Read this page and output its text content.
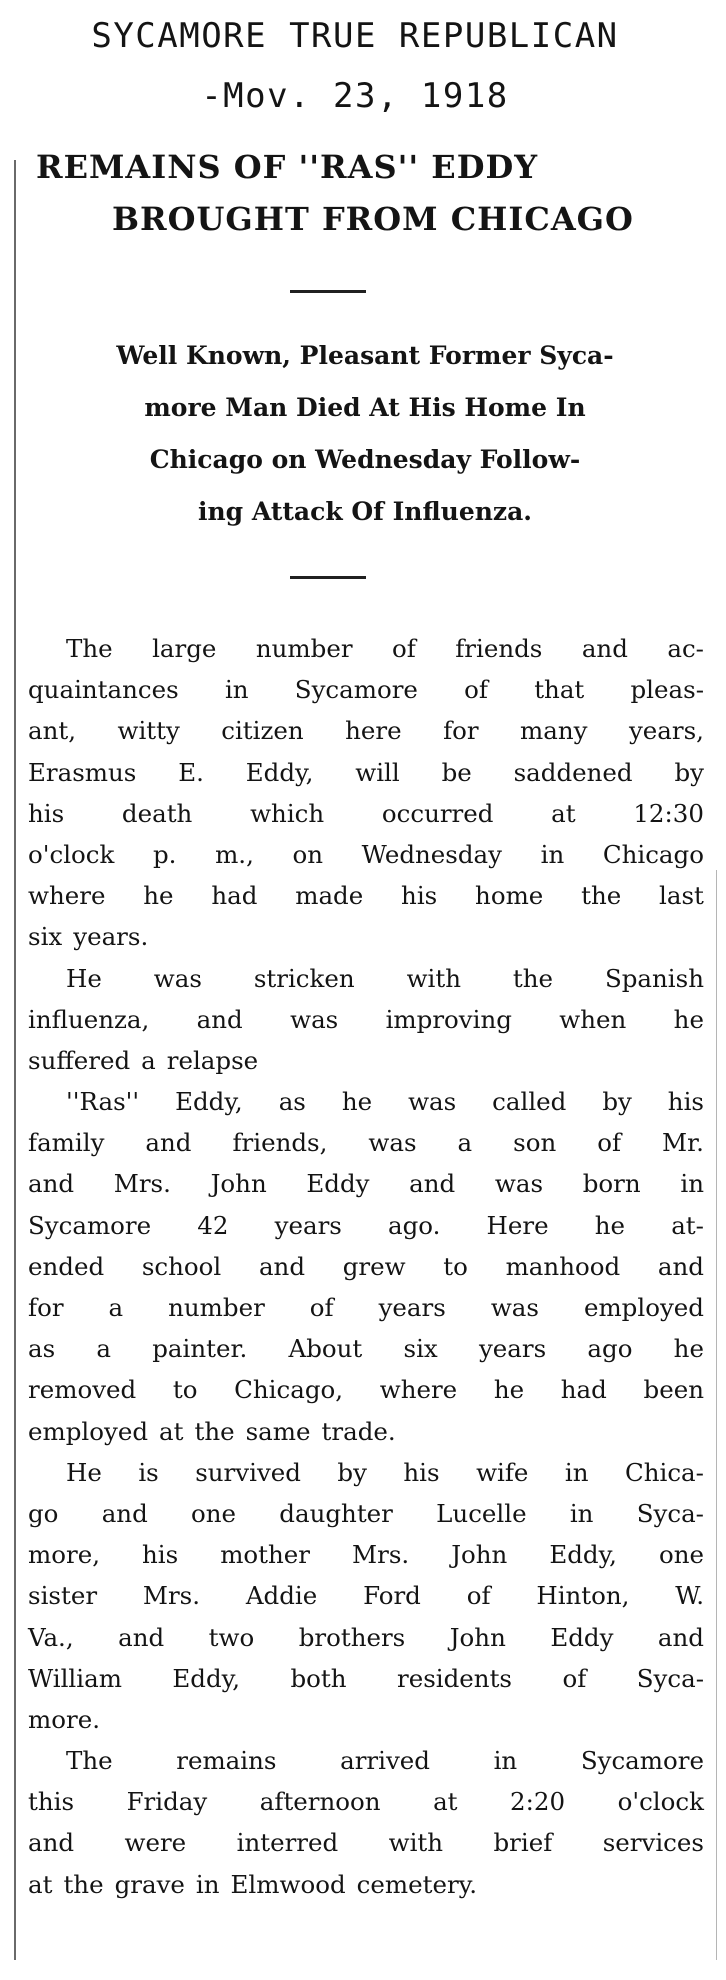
SYCAMORE TRUE REPUBLICAN
-Mov. 23, 1918
REMAINS OF ''RAS'' EDDY
BROUGHT FROM CHICAGO
Well Known, Pleasant Former Syca-
more Man Died At His Home In
Chicago on Wednesday Follow-
ing Attack Of Influenza.
The large number of friends and ac-
quaintances in Sycamore of that pleas-
ant, witty citizen here for many years,
Erasmus E. Eddy, will be saddened by
his death which occurred at 12:30
o'clock p. m., on Wednesday in Chicago
where he had made his home the last
six years.
He was stricken with the Spanish
influenza, and was improving when he
suffered a relapse
''Ras'' Eddy, as he was called by his
family and friends, was a son of Mr.
and Mrs. John Eddy and was born in
Sycamore 42 years ago. Here he at-
ended school and grew to manhood and
for a number of years was employed
as a painter. About six years ago he
removed to Chicago, where he had been
employed at the same trade.
He is survived by his wife in Chica-
go and one daughter Lucelle in Syca-
more, his mother Mrs. John Eddy, one
sister Mrs. Addie Ford of Hinton, W.
Va., and two brothers John Eddy and
William Eddy, both residents of Syca-
more.
The	remains	arrived	in	Sycamore
this Friday afternoon at 2:20 o'clock
and were interred with brief services
at the grave in Elmwood cemetery.
